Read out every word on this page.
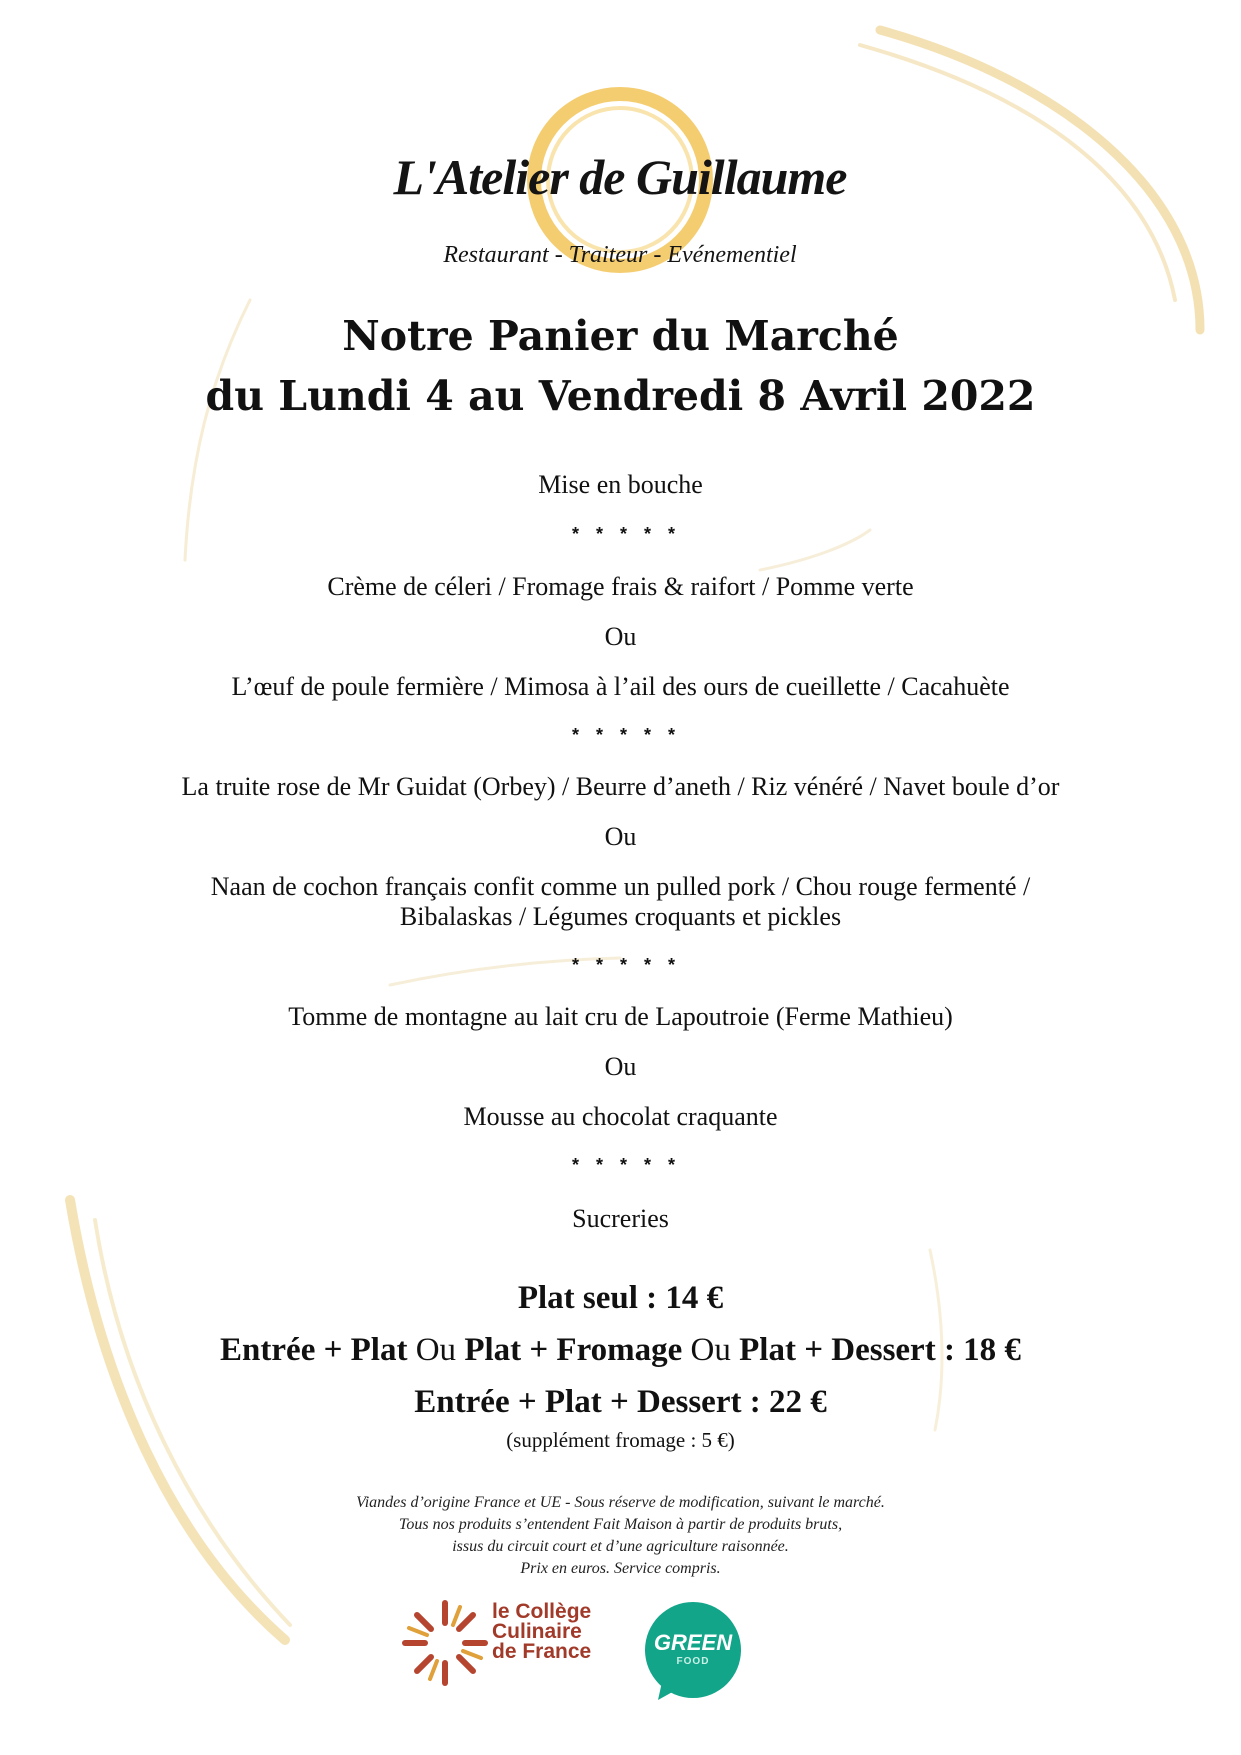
L'Atelier de Guillaume
Restaurant - Traiteur - Evénementiel
Notre Panier du Marché
du Lundi 4 au Vendredi 8 Avril 2022
Mise en bouche
* * * * *
Crème de céleri / Fromage frais & raifort / Pomme verte
Ou
L’œuf de poule fermière / Mimosa à l’ail des ours de cueillette / Cacahuète
* * * * *
La truite rose de Mr Guidat (Orbey) / Beurre d’aneth / Riz vénéré / Navet boule d’or
Ou
Naan de cochon français confit comme un pulled pork / Chou rouge fermenté /
Bibalaskas / Légumes croquants et pickles
* * * * *
Tomme de montagne au lait cru de Lapoutroie (Ferme Mathieu)
Ou
Mousse au chocolat craquante
* * * * *
Sucreries
Plat seul : 14 €
Entrée + Plat Ou Plat + Fromage Ou Plat + Dessert : 18 €
Entrée + Plat + Dessert : 22 €
(supplément fromage : 5 €)
Viandes d’origine France et UE - Sous réserve de modification, suivant le marché.
Tous nos produits s’entendent Fait Maison à partir de produits bruts,
issus du circuit court et d’une agriculture raisonnée.
Prix en euros. Service compris.
le Collège
Culinaire
de France	GREEN
FOOD
